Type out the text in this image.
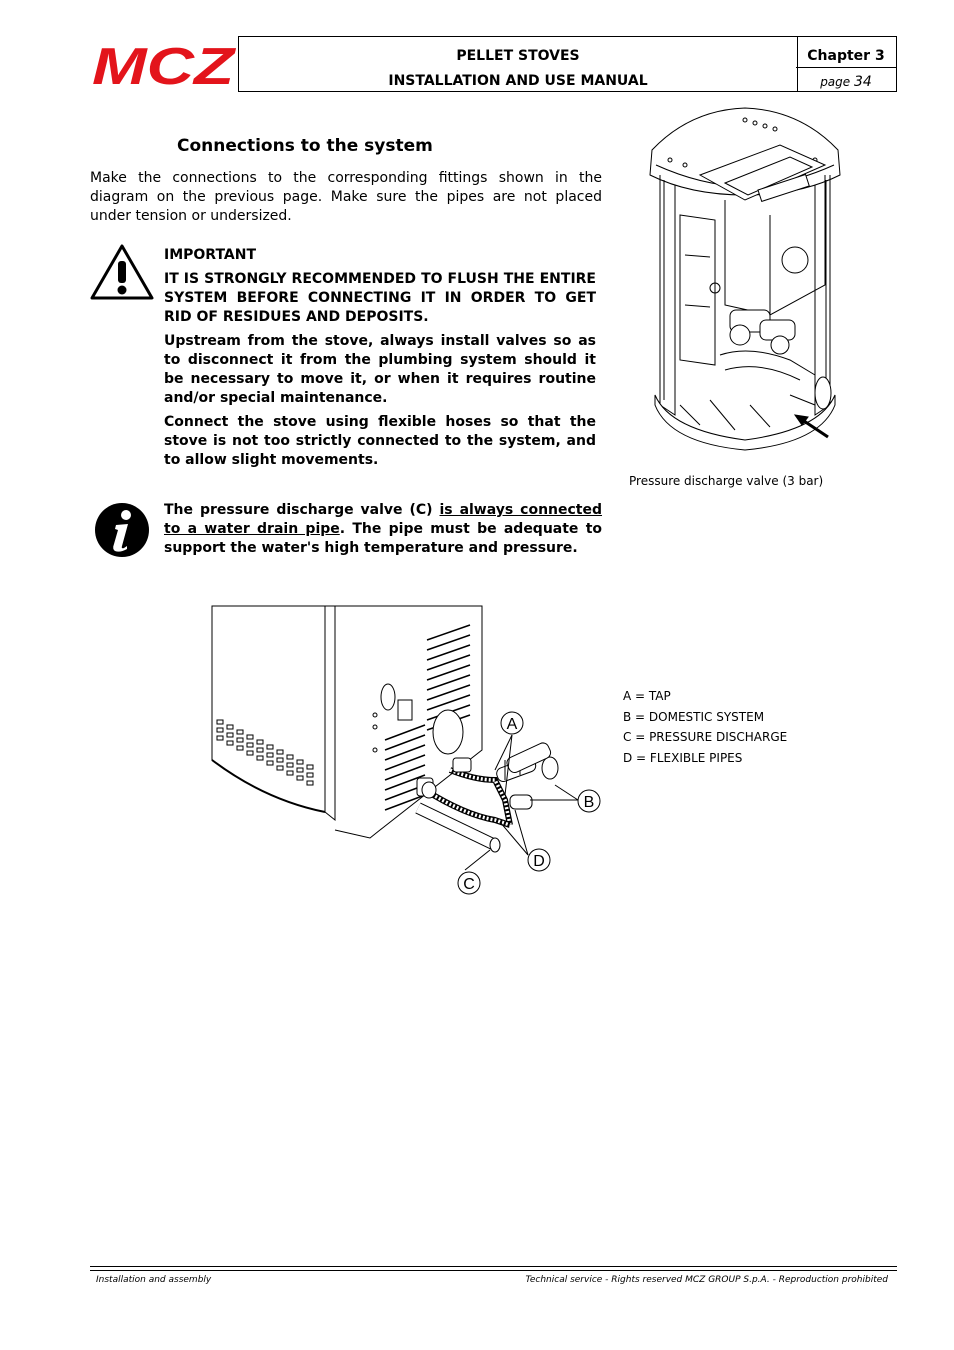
MCZ	PELLET STOVES
INSTALLATION AND USE MANUAL
Chapter 3
page 34
Connections to the system
Make the connections to the corresponding fittings shown in the diagram on the previous page. Make sure the pipes are not placed under tension or undersized.

IMPORTANT

IT IS STRONGLY RECOMMENDED TO FLUSH THE ENTIRE SYSTEM BEFORE CONNECTING IT IN ORDER TO GET RID OF RESIDUES AND DEPOSITS.

Upstream from the stove, always install valves so as to disconnect it from the plumbing system should it be necessary to move it, or when it requires routine and/or special maintenance.

Connect the stove using flexible hoses so that the stove is not too strictly connected to the system, and to allow slight movements.

The pressure discharge valve (C) is always connected to a water drain pipe. The pipe must be adequate to support the water's high temperature and pressure.
Pressure discharge valve (3 bar)
A
B
C
D
A = TAP
B = DOMESTIC SYSTEM
C = PRESSURE DISCHARGE
D = FLEXIBLE PIPES
Installation and assembly	Technical service - Rights reserved MCZ GROUP S.p.A. - Reproduction prohibited
